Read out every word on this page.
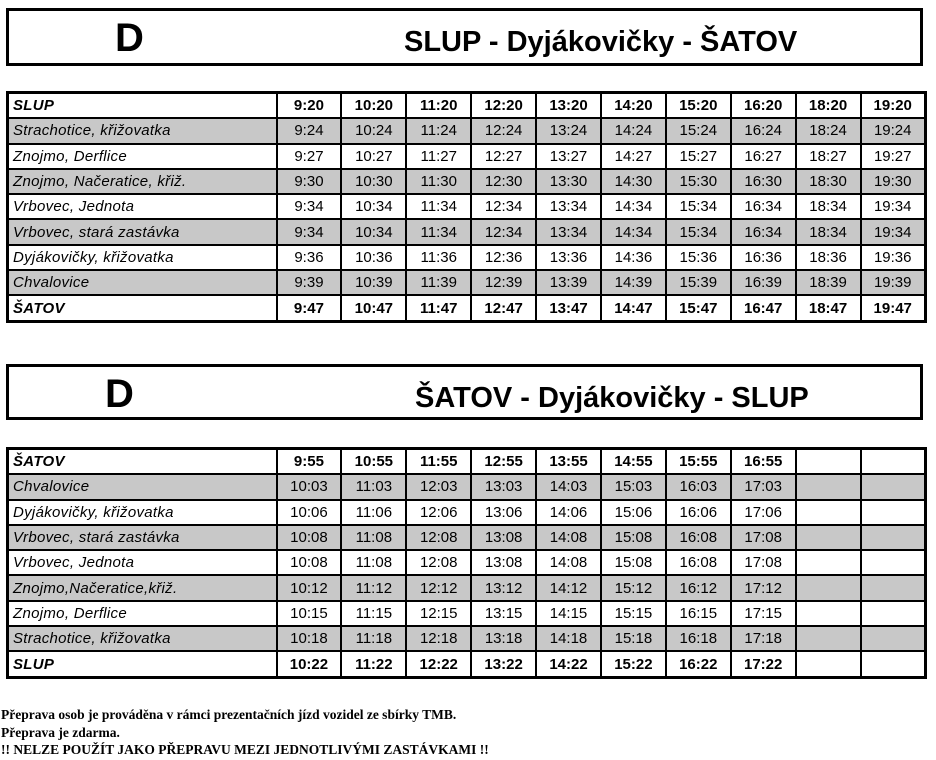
D	SLUP - Dyjákovičky - ŠATOV
SLUP	9:20	10:20	11:20	12:20	13:20	14:20	15:20	16:20	18:20	19:20
Strachotice, křižovatka	9:24	10:24	11:24	12:24	13:24	14:24	15:24	16:24	18:24	19:24
Znojmo, Derflice	9:27	10:27	11:27	12:27	13:27	14:27	15:27	16:27	18:27	19:27
Znojmo, Načeratice, křiž.	9:30	10:30	11:30	12:30	13:30	14:30	15:30	16:30	18:30	19:30
Vrbovec, Jednota	9:34	10:34	11:34	12:34	13:34	14:34	15:34	16:34	18:34	19:34
Vrbovec, stará zastávka	9:34	10:34	11:34	12:34	13:34	14:34	15:34	16:34	18:34	19:34
Dyjákovičky, křižovatka	9:36	10:36	11:36	12:36	13:36	14:36	15:36	16:36	18:36	19:36
Chvalovice	9:39	10:39	11:39	12:39	13:39	14:39	15:39	16:39	18:39	19:39
ŠATOV	9:47	10:47	11:47	12:47	13:47	14:47	15:47	16:47	18:47	19:47
D	ŠATOV - Dyjákovičky - SLUP
ŠATOV	9:55	10:55	11:55	12:55	13:55	14:55	15:55	16:55		
Chvalovice	10:03	11:03	12:03	13:03	14:03	15:03	16:03	17:03		
Dyjákovičky, křižovatka	10:06	11:06	12:06	13:06	14:06	15:06	16:06	17:06		
Vrbovec, stará zastávka	10:08	11:08	12:08	13:08	14:08	15:08	16:08	17:08		
Vrbovec, Jednota	10:08	11:08	12:08	13:08	14:08	15:08	16:08	17:08		
Znojmo,Načeratice,křiž.	10:12	11:12	12:12	13:12	14:12	15:12	16:12	17:12		
Znojmo, Derflice	10:15	11:15	12:15	13:15	14:15	15:15	16:15	17:15		
Strachotice, křižovatka	10:18	11:18	12:18	13:18	14:18	15:18	16:18	17:18		
SLUP	10:22	11:22	12:22	13:22	14:22	15:22	16:22	17:22		
Přeprava osob je prováděna v rámci prezentačních jízd vozidel ze sbírky TMB.
Přeprava je zdarma.
!! NELZE POUŽÍT JAKO PŘEPRAVU MEZI JEDNOTLIVÝMI ZASTÁVKAMI !!
